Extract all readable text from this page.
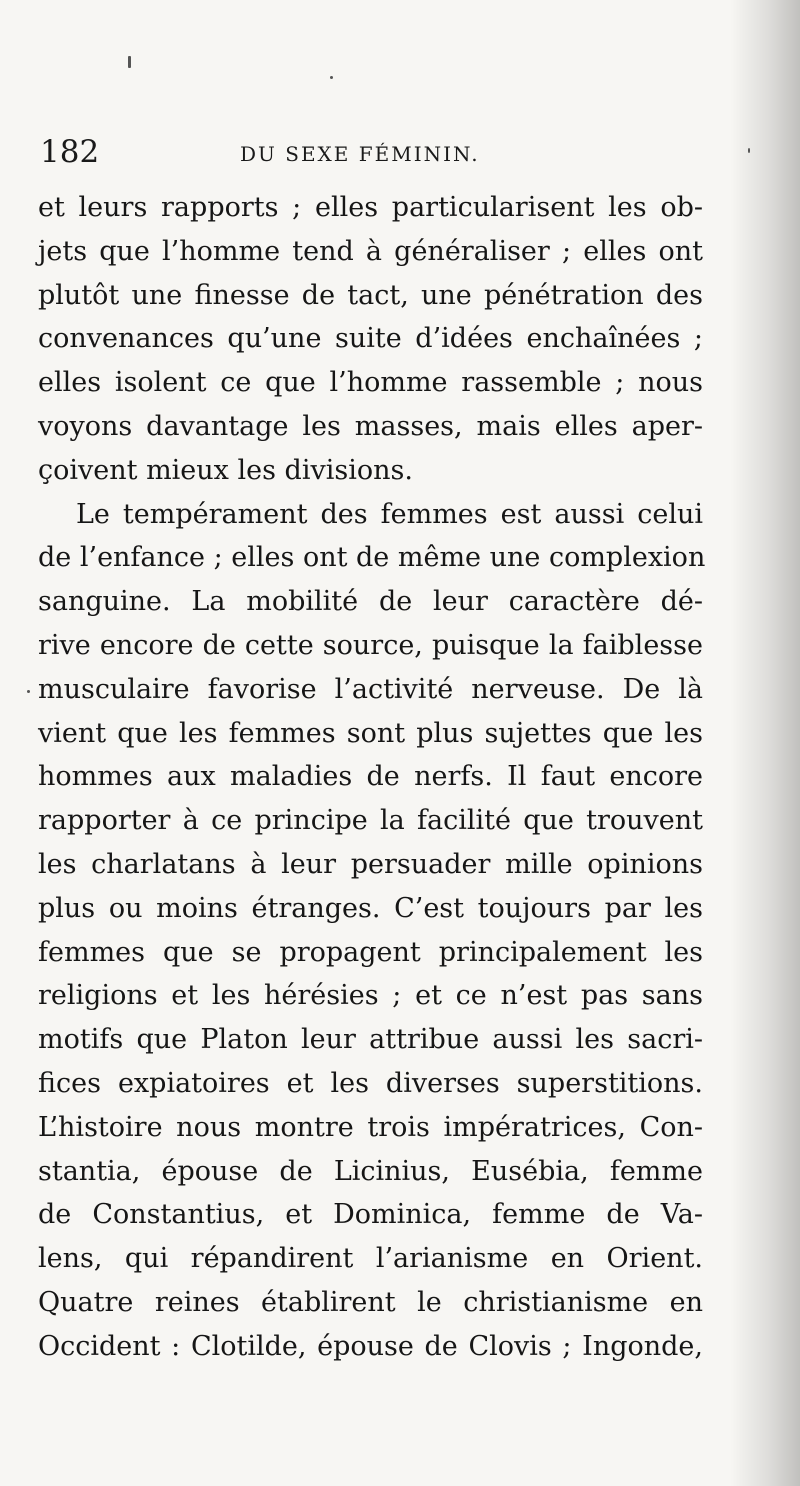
182	DU SEXE FÉMININ.
et leurs rapports ; elles particularisent les ob-
jets que l’homme tend à généraliser ; elles ont
plutôt une finesse de tact, une pénétration des
convenances qu’une suite d’idées enchaînées ;
elles isolent ce que l’homme rassemble ; nous
voyons davantage les masses, mais elles aper-
çoivent mieux les divisions.
Le tempérament des femmes est aussi celui
de l’enfance ; elles ont de même une complexion
sanguine. La mobilité de leur caractère dé-
rive encore de cette source, puisque la faiblesse
musculaire favorise l’activité nerveuse. De là
vient que les femmes sont plus sujettes que les
hommes aux maladies de nerfs. Il faut encore
rapporter à ce principe la facilité que trouvent
les charlatans à leur persuader mille opinions
plus ou moins étranges. C’est toujours par les
femmes que se propagent principalement les
religions et les hérésies ; et ce n’est pas sans
motifs que Platon leur attribue aussi les sacri-
fices expiatoires et les diverses superstitions.
L’histoire nous montre trois impératrices, Con-
stantia, épouse de Licinius, Eusébia, femme
de Constantius, et Dominica, femme de Va-
lens, qui répandirent l’arianisme en Orient.
Quatre reines établirent le christianisme en
Occident : Clotilde, épouse de Clovis ; Ingonde,
